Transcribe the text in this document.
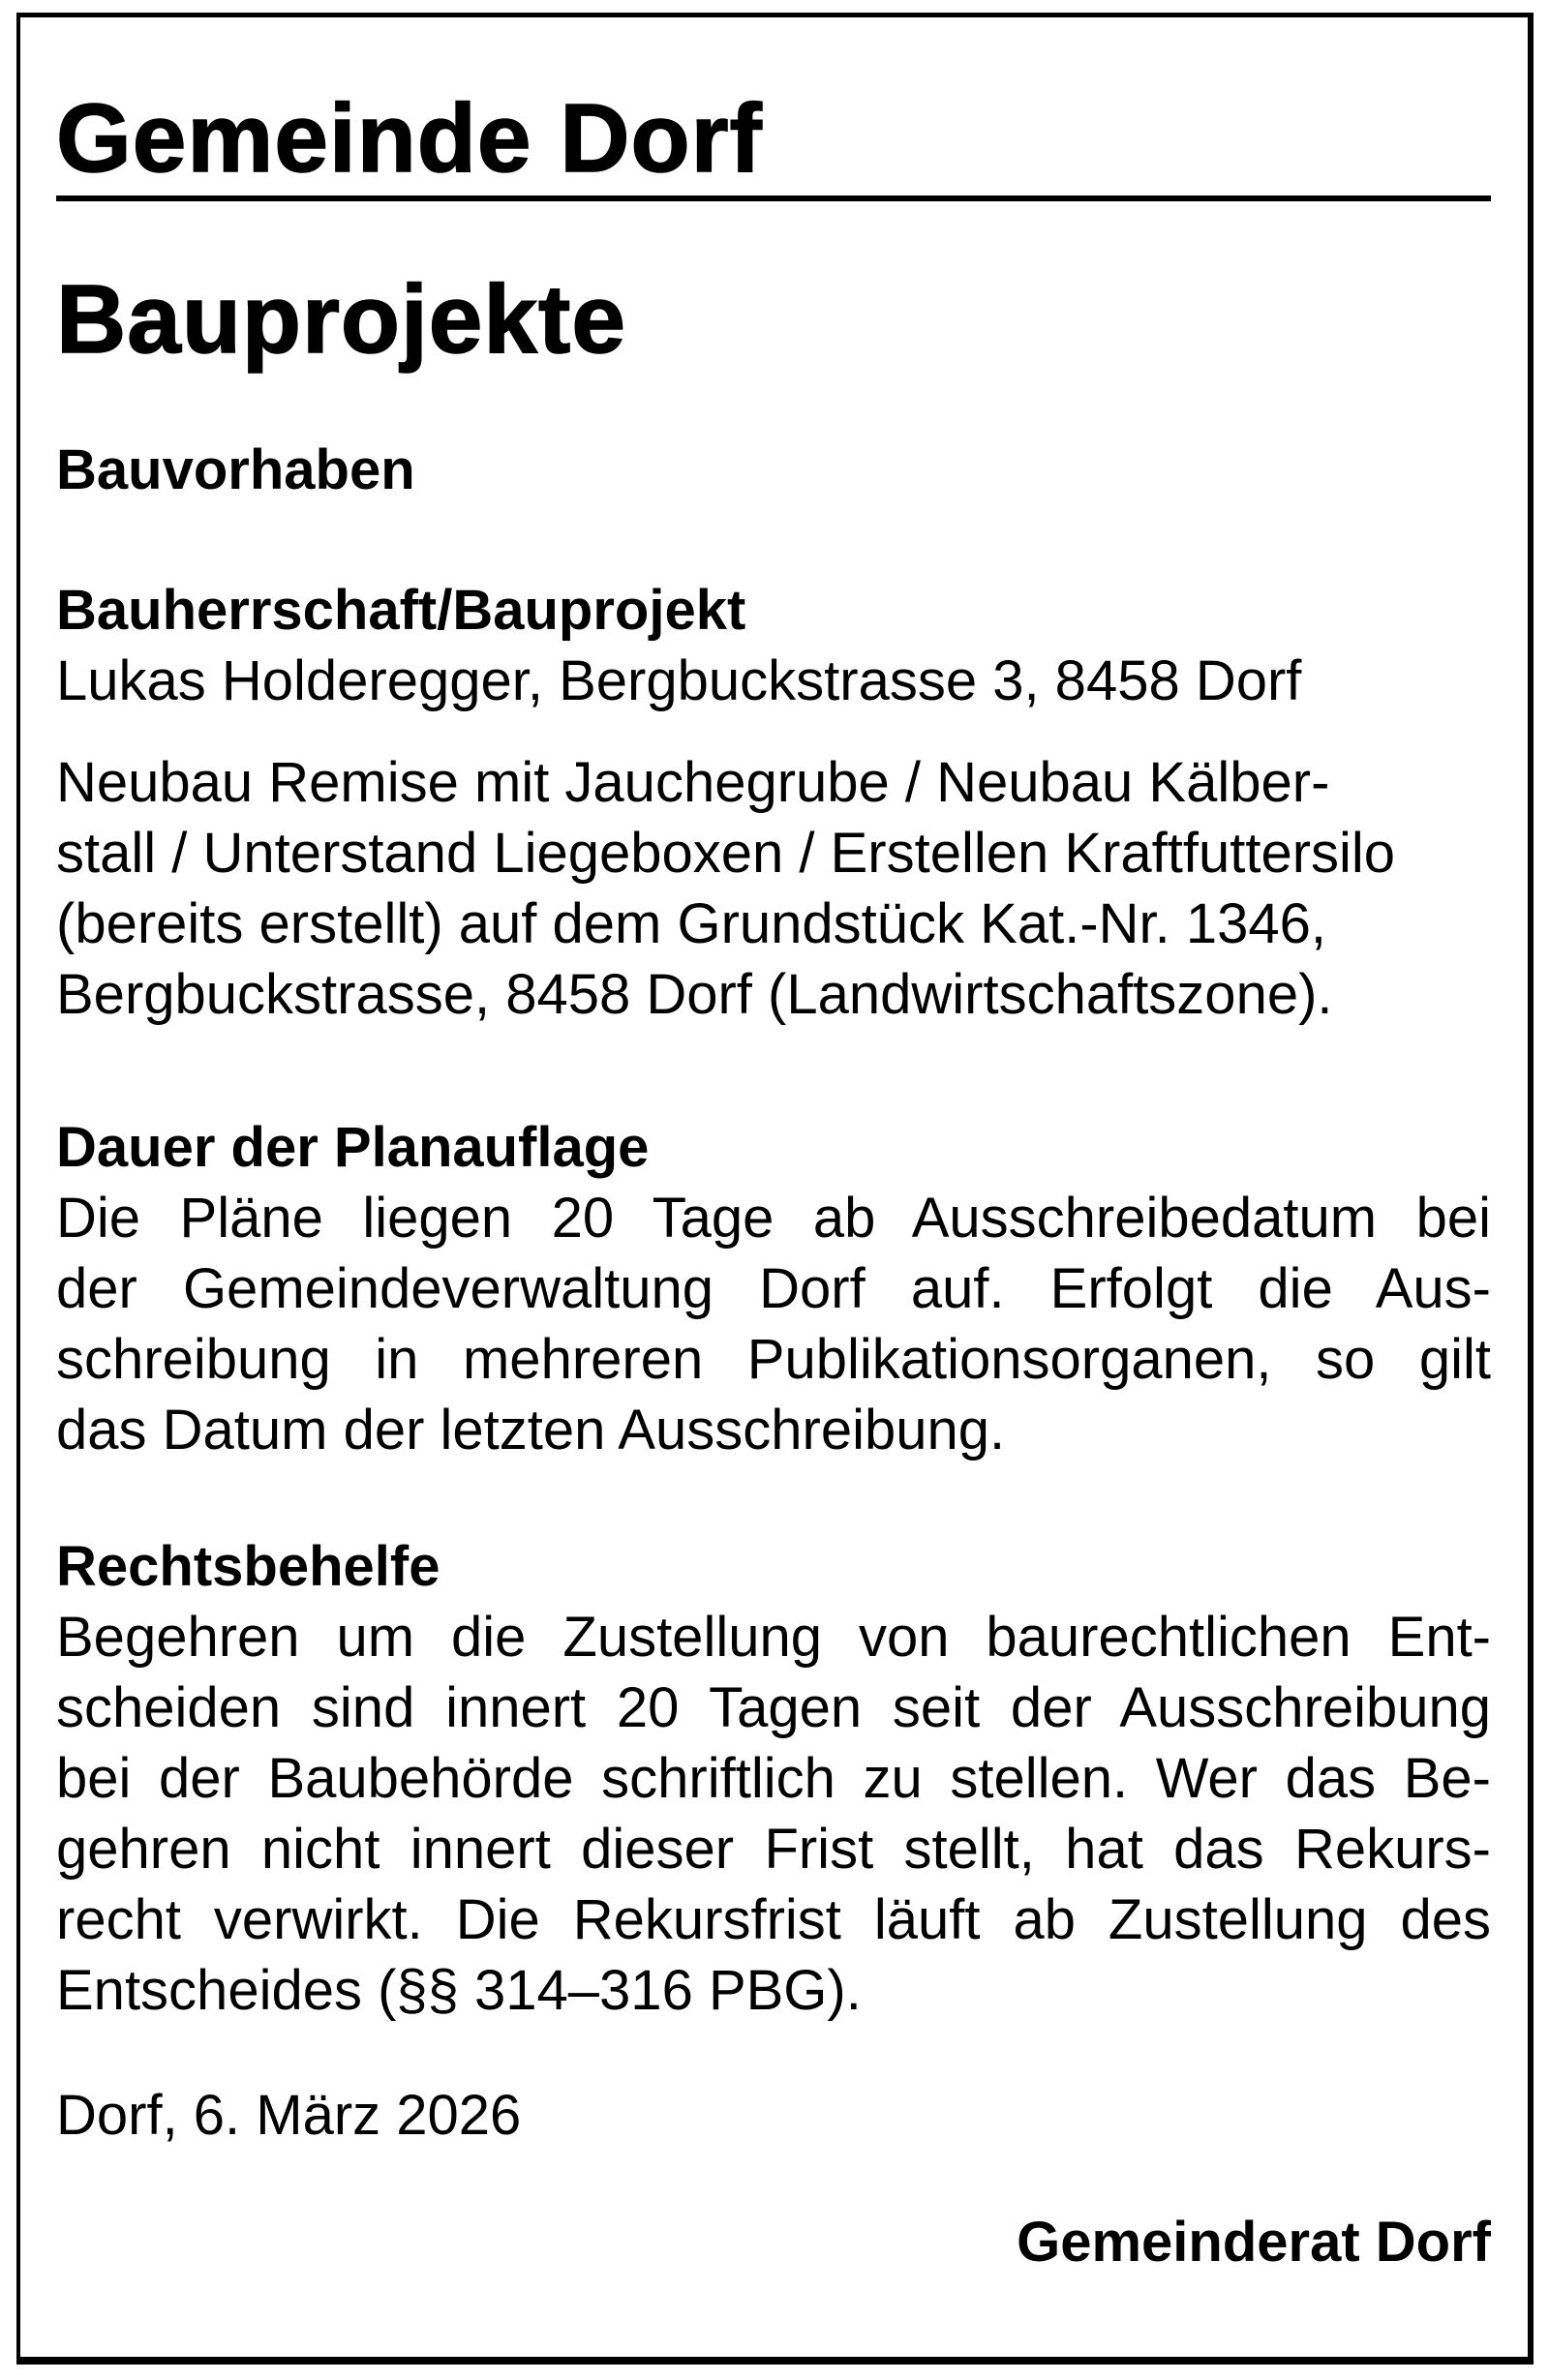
Gemeinde Dorf
Bauprojekte
Bauvorhaben
Bauherrschaft/Bauprojekt
Lukas Holderegger, Bergbuckstrasse 3, 8458 Dorf
Neubau Remise mit Jauchegrube / Neubau Kälber-
stall / Unterstand Liegeboxen / Erstellen Kraftfuttersilo
(bereits erstellt) auf dem Grundstück Kat.-Nr. 1346,
Bergbuckstrasse, 8458 Dorf (Landwirtschaftszone).
Dauer der Planauflage
Die Pläne liegen 20 Tage ab Ausschreibedatum bei
der Gemeindeverwaltung Dorf auf. Erfolgt die Aus-
schreibung in mehreren Publikationsorganen, so gilt
das Datum der letzten Ausschreibung.
Rechtsbehelfe
Begehren um die Zustellung von baurechtlichen Ent-
scheiden sind innert 20 Tagen seit der Ausschreibung
bei der Baubehörde schriftlich zu stellen. Wer das Be-
gehren nicht innert dieser Frist stellt, hat das Rekurs-
recht verwirkt. Die Rekursfrist läuft ab Zustellung des
Entscheides (§§ 314–316 PBG).
Dorf, 6. März 2026
Gemeinderat Dorf
